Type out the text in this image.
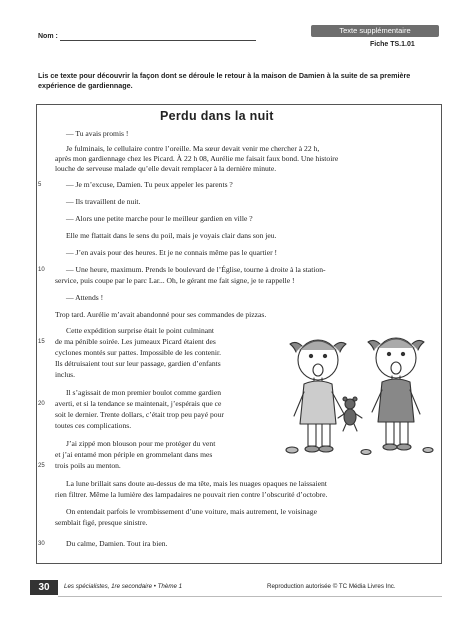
Nom :
Texte supplémentaire
Fiche TS.1.01
Lis ce texte pour découvrir la façon dont se déroule le retour à la maison de Damien à la suite de sa première expérience de gardiennage.
Perdu dans la nuit
— Tu avais promis !
Je fulminais, le cellulaire contre l’oreille. Ma sœur devait venir me chercher à 22 h,
après mon gardiennage chez les Picard. À 22 h 08, Aurélie me faisait faux bond. Une histoire
louche de serveuse malade qu’elle devait remplacer à la dernière minute.
5	— Je m’excuse, Damien. Tu peux appeler les parents ?
— Ils travaillent de nuit.
— Alors une petite marche pour le meilleur gardien en ville ?
Elle me flattait dans le sens du poil, mais je voyais clair dans son jeu.
— J’en avais pour des heures. Et je ne connais même pas le quartier !
10	— Une heure, maximum. Prends le boulevard de l’Église, tourne à droite à la station-
service, puis coupe par le parc Lar... Oh, le gérant me fait signe, je te rappelle !
— Attends !
Trop tard. Aurélie m’avait abandonné pour ses commandes de pizzas.
Cette expédition surprise était le point culminant
15 de ma pénible soirée. Les jumeaux Picard étaient des
cyclones montés sur pattes. Impossible de les contenir.
Ils détruisaient tout sur leur passage, gardien d’enfants
inclus.
Il s’agissait de mon premier boulot comme gardien
20 averti, et si la tendance se maintenait, j’espérais que ce
soit le dernier. Trente dollars, c’était trop peu payé pour
toutes ces complications.
J’ai zippé mon blouson pour me protéger du vent
et j’ai entamé mon périple en grommelant dans mes
25 trois poils au menton.
La lune brillait sans doute au-dessus de ma tête, mais les nuages opaques ne laissaient
rien filtrer. Même la lumière des lampadaires ne pouvait rien contre l’obscurité d’octobre.
On entendait parfois le vrombissement d’une voiture, mais autrement, le voisinage
semblait figé, presque sinistre.
30	Du calme, Damien. Tout ira bien.
30	Les spécialistes, 1re secondaire • Thème 1	Reproduction autorisée © TC Média Livres Inc.
